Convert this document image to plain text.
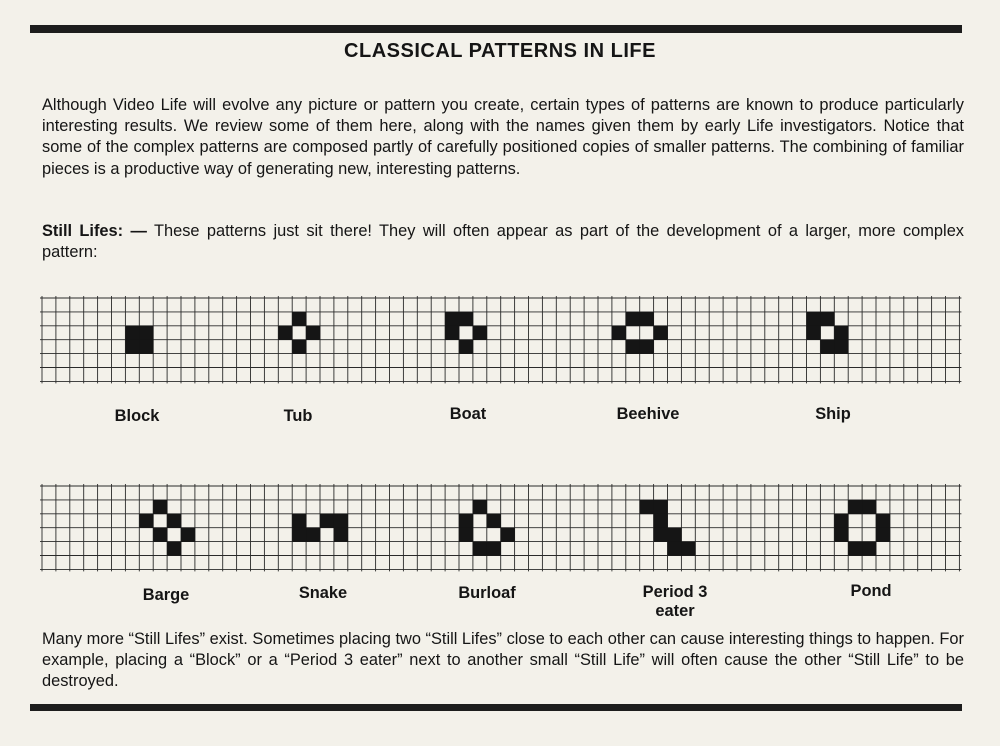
CLASSICAL PATTERNS IN LIFE
Although Video Life will evolve any picture or pattern you create, certain types of patterns are known to produce particularly interesting results. We review some of them here, along with the names given them by early Life investigators. Notice that some of the complex patterns are composed partly of carefully positioned copies of smaller patterns. The combining of familiar pieces is a productive way of generating new, interesting patterns.
Still Lifes: — These patterns just sit there! They will often appear as part of the development of a larger, more complex pattern:
Block	Tub	Boat	Beehive	Ship
Barge	Snake	Burloaf	Period 3
eater
Pond
Many more “Still Lifes” exist. Sometimes placing two “Still Lifes” close to each other can cause interesting things to happen. For example, placing a “Block” or a “Period 3 eater” next to another small “Still Life” will often cause the other “Still Life” to be destroyed.
